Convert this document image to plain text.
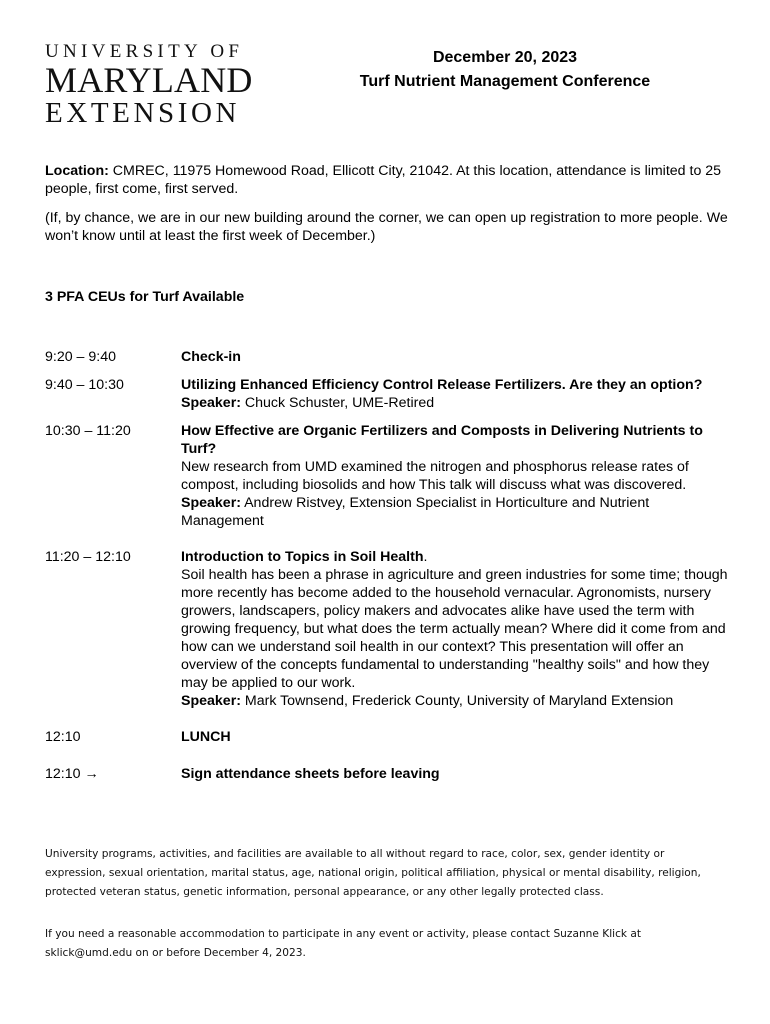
UNIVERSITY OF
MARYLAND
EXTENSION
December 20, 2023
Turf Nutrient Management Conference

Location: CMREC, 11975 Homewood Road, Ellicott City, 21042. At this location, attendance is limited to 25 people, first come, first served.

(If, by chance, we are in our new building around the corner, we can open up registration to more people. We won’t know until at least the first week of December.)

3 PFA CEUs for Turf Available
9:20 – 9:40	Check-in
9:40 – 10:30	Utilizing Enhanced Efficiency Control Release Fertilizers. Are they an option?
Speaker: Chuck Schuster, UME-Retired
10:30 – 11:20	How Effective are Organic Fertilizers and Composts in Delivering Nutrients to Turf?
New research from UMD examined the nitrogen and phosphorus release rates of compost, including biosolids and how This talk will discuss what was discovered.
Speaker: Andrew Ristvey, Extension Specialist in Horticulture and Nutrient Management
11:20 – 12:10	Introduction to Topics in Soil Health.
Soil health has been a phrase in agriculture and green industries for some time; though more recently has become added to the household vernacular. Agronomists, nursery growers, landscapers, policy makers and advocates alike have used the term with growing frequency, but what does the term actually mean? Where did it come from and how can we understand soil health in our context? This presentation will offer an overview of the concepts fundamental to understanding "healthy soils" and how they may be applied to our work.
Speaker: Mark Townsend, Frederick County, University of Maryland Extension
12:10	LUNCH
12:10 →	Sign attendance sheets before leaving
University programs, activities, and facilities are available to all without regard to race, color, sex, gender identity or expression, sexual orientation, marital status, age, national origin, political affiliation, physical or mental disability, religion, protected veteran status, genetic information, personal appearance, or any other legally protected class.
If you need a reasonable accommodation to participate in any event or activity, please contact Suzanne Klick at sklick@umd.edu on or before December 4, 2023.
